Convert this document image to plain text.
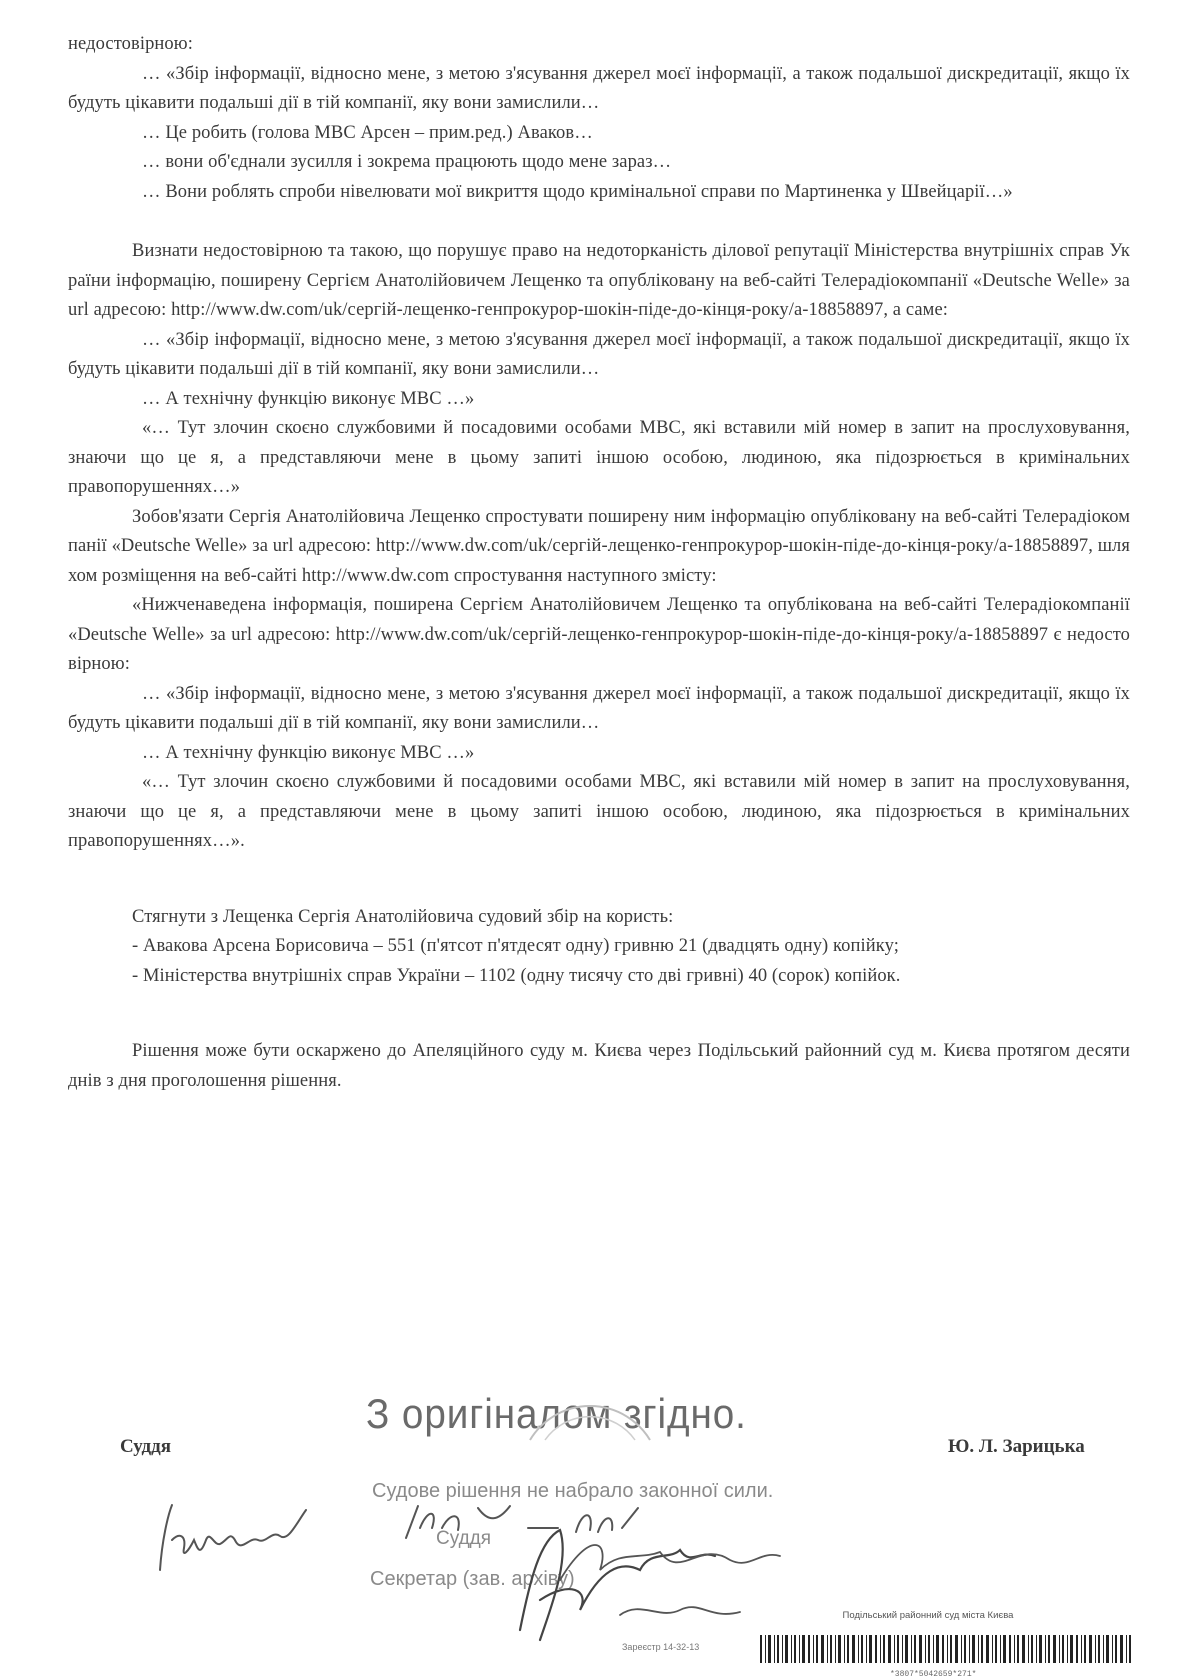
недостовірною:

… «Збір інформації, відносно мене, з метою з'ясування джерел моєї інформації, а також подальшої дискредитації, якщо їх будуть цікавити подальші дії в тій компанії, яку вони замислили…

… Це робить (голова МВС Арсен – прим.ред.) Аваков…

… вони об'єднали зусилля і зокрема працюють щодо мене зараз…

… Вони роблять спроби нівелювати мої викриття щодо кримінальної справи по Мартиненка у Швейцарії…»

Визнати недостовірною та такою, що порушує право на недоторканість ділової репутації Міністерства внутрішніх справ України інформацію, поширену Сергієм Анатолійовичем Лещенко та опубліковану на веб-сайті Телерадіокомпанії «Deutsche Welle» за url адресою: http://www.dw.com/uk/сергій-лещенко-генпрокурор-шокін-піде-до-кінця-року/a-18858897, а саме:

… «Збір інформації, відносно мене, з метою з'ясування джерел моєї інформації, а також подальшої дискредитації, якщо їх будуть цікавити подальші дії в тій компанії, яку вони замислили…

… А технічну функцію виконує МВС …»

«… Тут злочин скоєно службовими й посадовими особами МВС, які вставили мій номер в запит на прослуховування, знаючи що це я, а представляючи мене в цьому запиті іншою особою, людиною, яка підозрюється в кримінальних правопорушеннях…»

Зобов'язати Сергія Анатолійовича Лещенко спростувати поширену ним інформацію опубліковану на веб-сайті Телерадіокомпанії «Deutsche Welle» за url адресою: http://www.dw.com/uk/сергій-лещенко-генпрокурор-шокін-піде-до-кінця-року/a-18858897, шляхом розміщення на веб-сайті http://www.dw.com спростування наступного змісту:

«Нижченаведена інформація, поширена Сергієм Анатолійовичем Лещенко та опублікована на веб-сайті Телерадіокомпанії «Deutsche Welle» за url адресою: http://www.dw.com/uk/сергій-лещенко-генпрокурор-шокін-піде-до-кінця-року/a-18858897 є недостовірною:

… «Збір інформації, відносно мене, з метою з'ясування джерел моєї інформації, а також подальшої дискредитації, якщо їх будуть цікавити подальші дії в тій компанії, яку вони замислили…

… А технічну функцію виконує МВС …»

«… Тут злочин скоєно службовими й посадовими особами МВС, які вставили мій номер в запит на прослуховування, знаючи що це я, а представляючи мене в цьому запиті іншою особою, людиною, яка підозрюється в кримінальних правопорушеннях…».

Стягнути з Лещенка Сергія Анатолійовича судовий збір на користь:

- Авакова Арсена Борисовича – 551 (п'ятсот п'ятдесят одну) гривню 21 (двадцять одну) копійку;

- Міністерства внутрішніх справ України – 1102 (одну тисячу сто дві гривні) 40 (сорок) копійок.

Рішення може бути оскаржено до Апеляційного суду м. Києва через Подільський районний суд м. Києва протягом десяти днів з дня проголошення рішення.

З оригіналом згідно.
Суддя	Ю. Л. Зарицька
Судове рішення не набрало законної сили.
Суддя
Секретар (зав. архіву)
Подільський районний суд міста Києва
Зареєстр 14-32-13
*3807*5042659*271*
